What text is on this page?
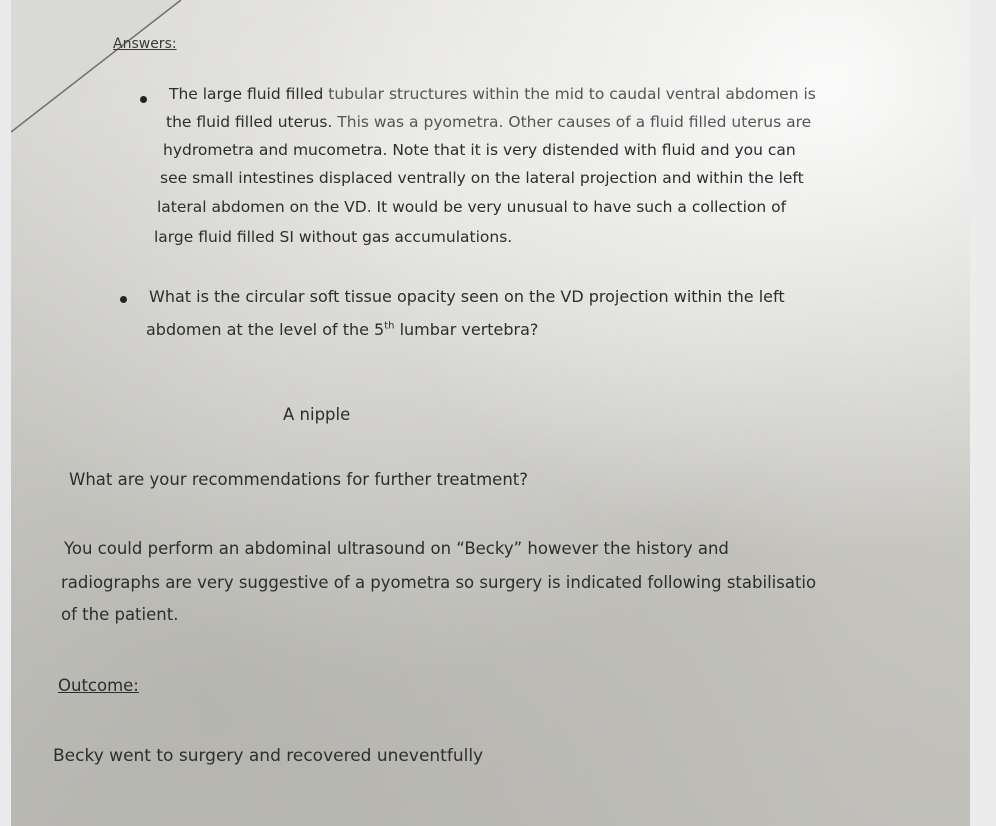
Answers:
The large fluid filled tubular structures within the mid to caudal ventral abdomen is
the fluid filled uterus. This was a pyometra. Other causes of a fluid filled uterus are
hydrometra and mucometra. Note that it is very distended with fluid and you can
see small intestines displaced ventrally on the lateral projection and within the left
lateral abdomen on the VD. It would be very unusual to have such a collection of
large fluid filled SI without gas accumulations.
What is the circular soft tissue opacity seen on the VD projection within the left
abdomen at the level of the 5th lumbar vertebra?
A nipple
What are your recommendations for further treatment?
You could perform an abdominal ultrasound on “Becky” however the history and
radiographs are very suggestive of a pyometra so surgery is indicated following stabilisatio
of the patient.
Outcome:
Becky went to surgery and recovered uneventfully
